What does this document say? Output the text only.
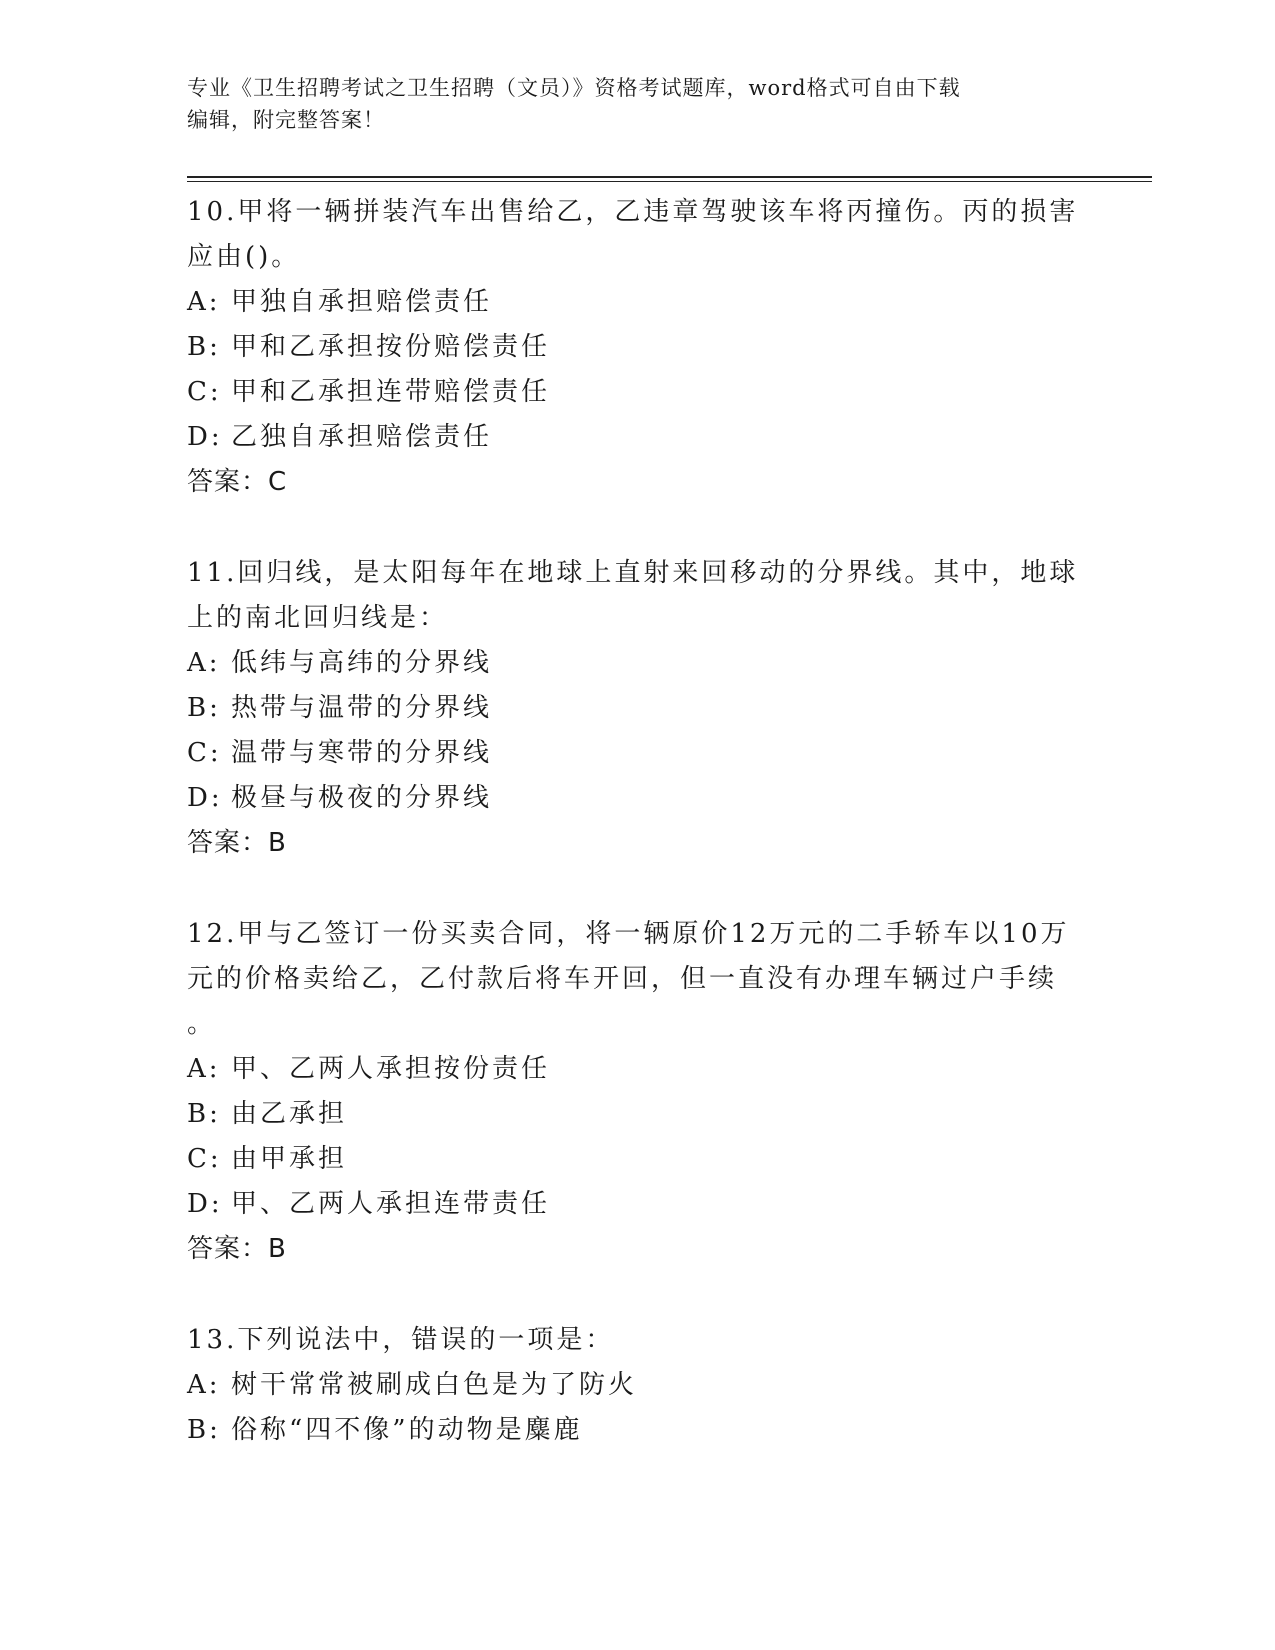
专业《卫生招聘考试之卫生招聘（文员）》资格考试题库，word格式可自由下载
编辑，附完整答案！

10.甲将一辆拼装汽车出售给乙，乙违章驾驶该车将丙撞伤。丙的损害
应由()。

A: 甲独自承担赔偿责任
B: 甲和乙承担按份赔偿责任
C: 甲和乙承担连带赔偿责任
D: 乙独自承担赔偿责任
答案： C

11.回归线，是太阳每年在地球上直射来回移动的分界线。其中，地球
上的南北回归线是：

A: 低纬与高纬的分界线
B: 热带与温带的分界线
C: 温带与寒带的分界线
D: 极昼与极夜的分界线
答案： B

12.甲与乙签订一份买卖合同，将一辆原价12万元的二手轿车以10万
元的价格卖给乙，乙付款后将车开回，但一直没有办理车辆过户手续
。

A: 甲、乙两人承担按份责任
B: 由乙承担
C: 由甲承担
D: 甲、乙两人承担连带责任
答案： B

13.下列说法中，错误的一项是：

A: 树干常常被刷成白色是为了防火
B: 俗称“四不像”的动物是麋鹿
